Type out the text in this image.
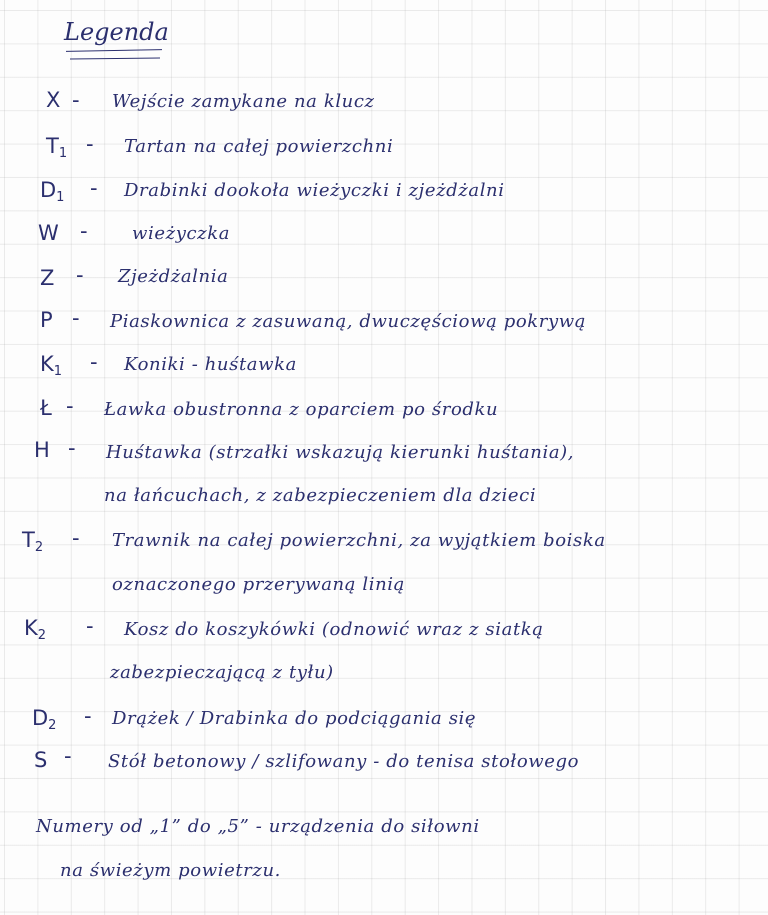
Legenda
X - Wejście zamykane na klucz
$T_1$ - Tartan na całej powierzchni
$D_1$ - Drabinki dookoła wieżyczki i zjeżdżalni
W - wieżyczka
Z - Zjeżdżalnia
P - Piaskownica z zasuwaną, dwuczęściową pokrywą
$K_1$ - Koniki - huśtawka
Ł - Ławka obustronna z oparciem po środku
H - Huśtawka (strzałki wskazują kierunki huśtania),
na łańcuchach, z zabezpieczeniem dla dzieci
$T_2$ - Trawnik na całej powierzchni, za wyjątkiem boiska
oznaczonego przerywaną linią
$K_2$ - Kosz do koszykówki (odnowić wraz z siatką
zabezpieczającą z tyłu)
$D_2$ - Drążek / Drabinka do podciągania się
S - Stół betonowy / szlifowany - do tenisa stołowego
Numery od „1” do „5” - urządzenia do siłowni
na świeżym powietrzu.
